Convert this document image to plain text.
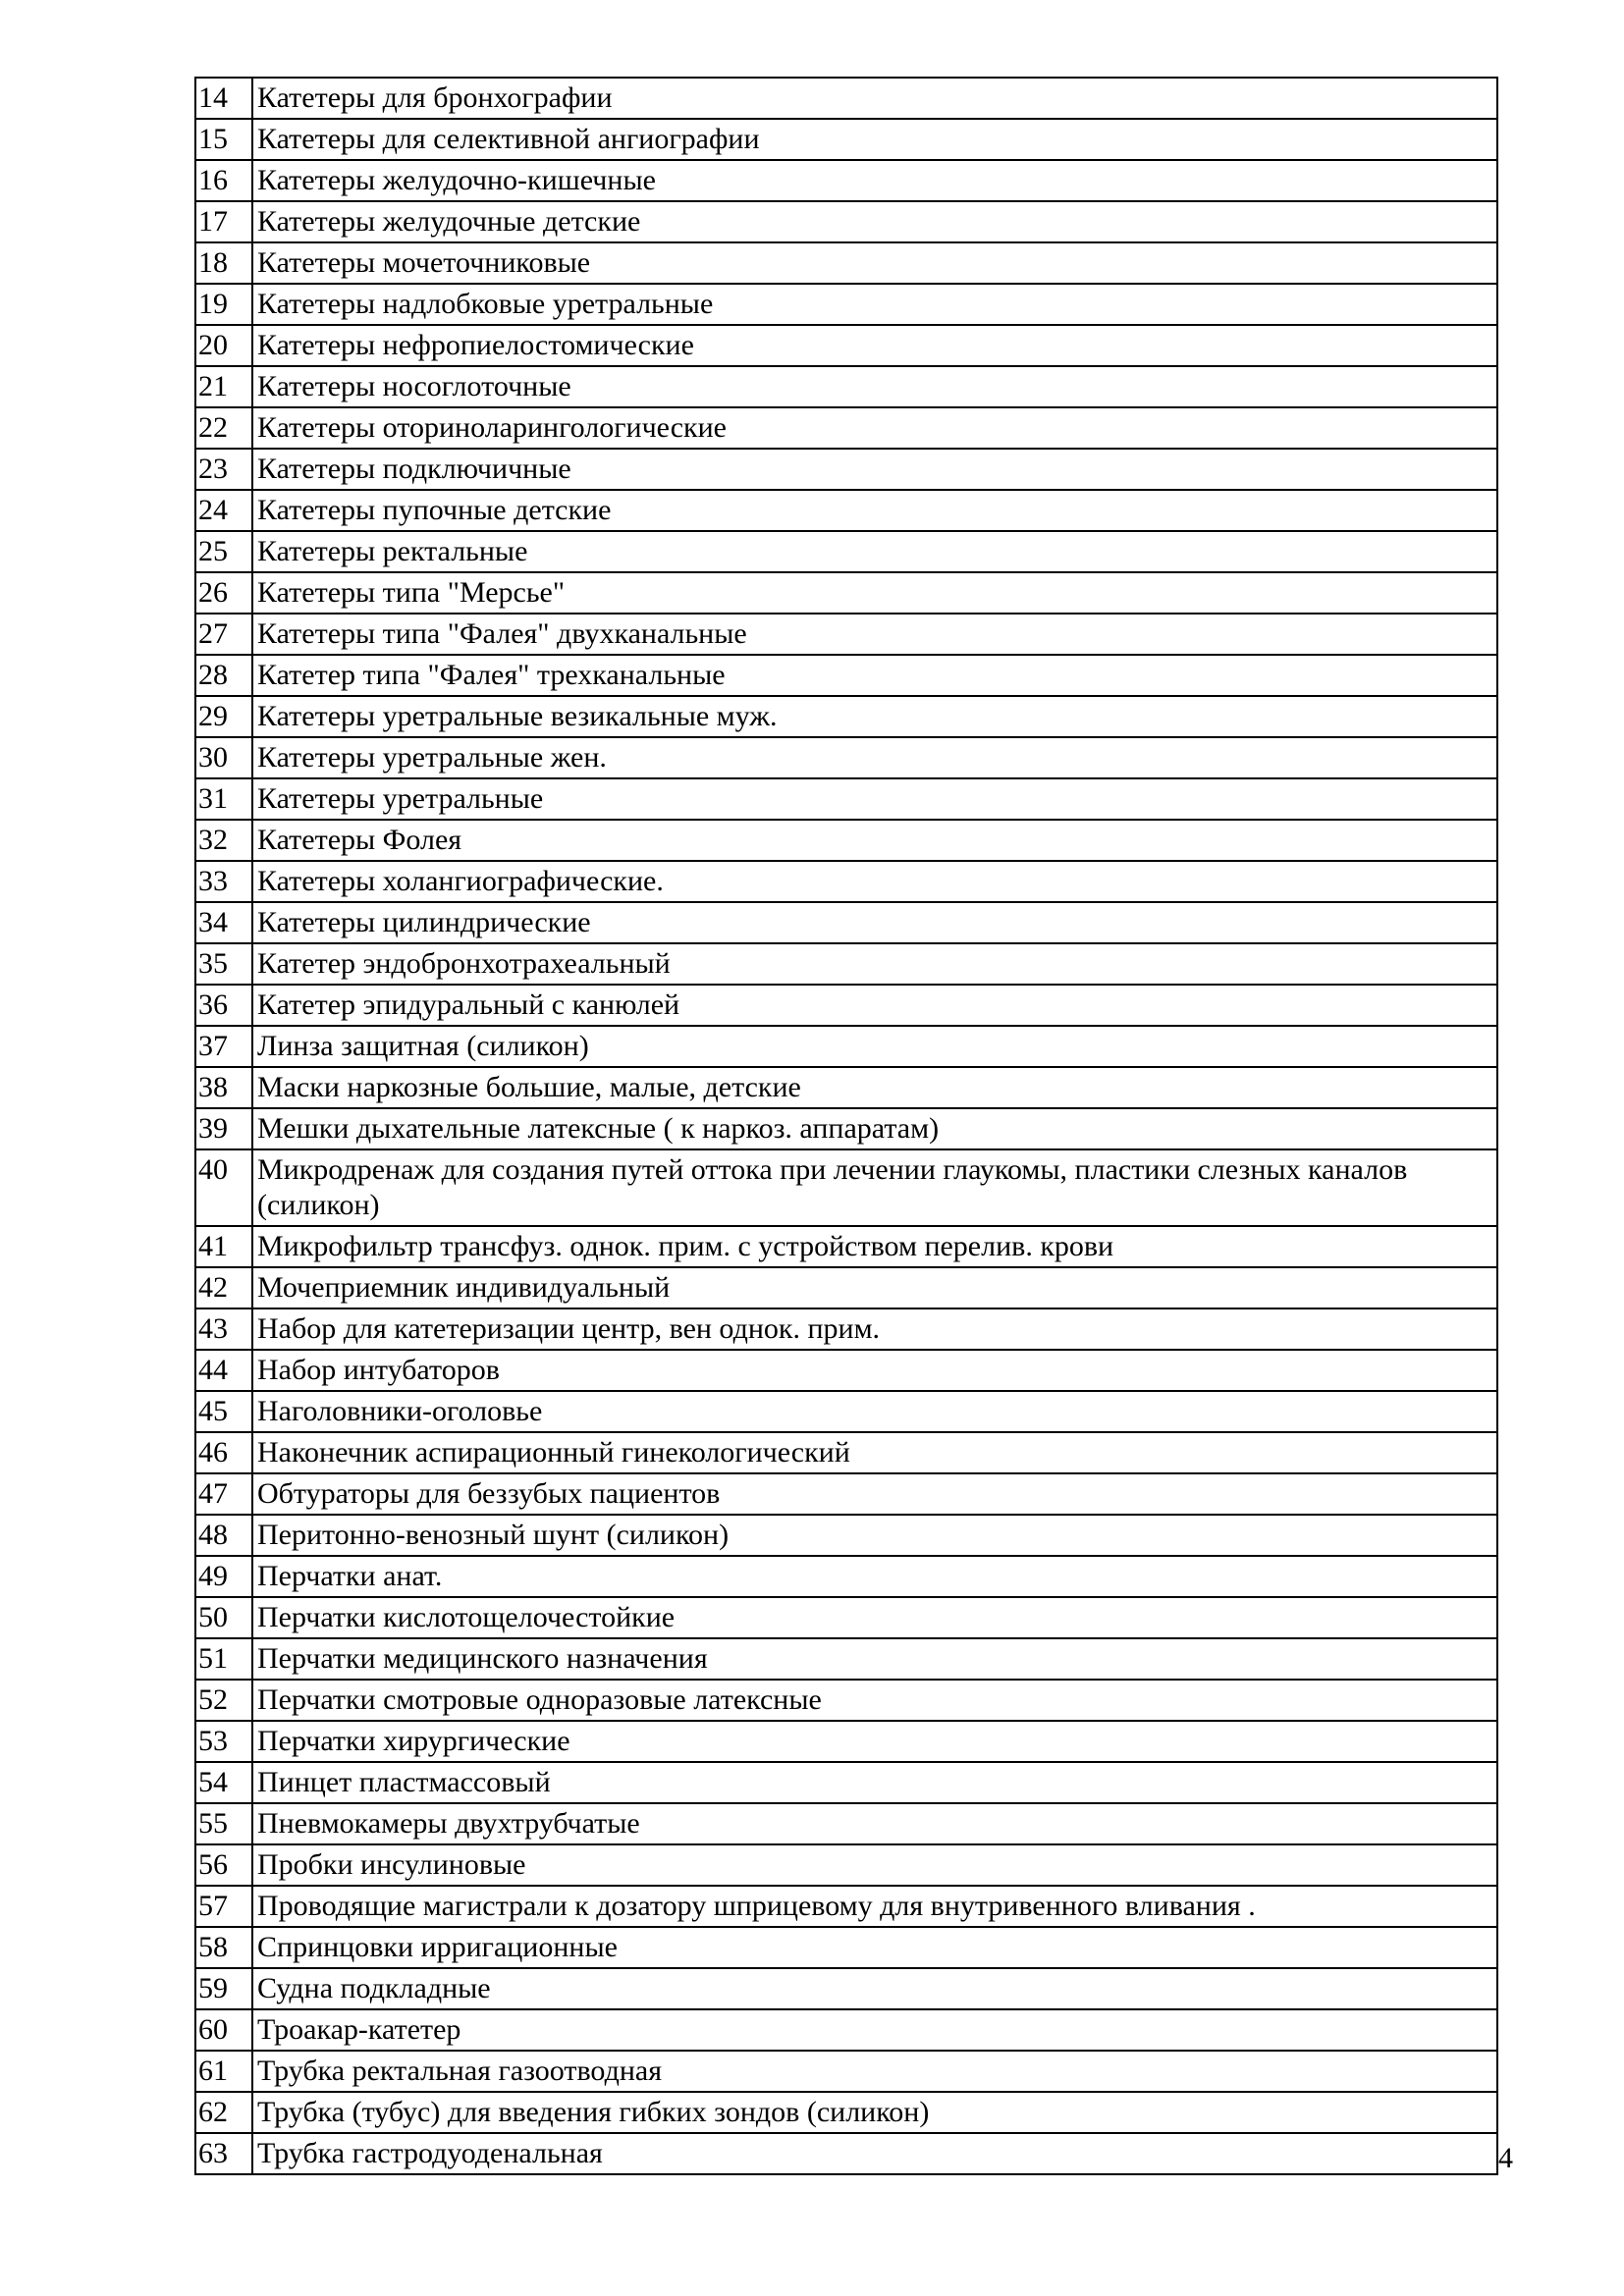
14	Катетеры для бронхографии
15	Катетеры для селективной ангиографии
16	Катетеры желудочно-кишечные
17	Катетеры желудочные детские
18	Катетеры мочеточниковые
19	Катетеры надлобковые уретральные
20	Катетеры нефропиелостомические
21	Катетеры носоглоточные
22	Катетеры оториноларингологические
23	Катетеры подключичные
24	Катетеры пупочные детские
25	Катетеры ректальные
26	Катетеры типа "Мерсье"
27	Катетеры типа "Фалея" двухканальные
28	Катетер типа "Фалея" трехканальные
29	Катетеры уретральные везикальные муж.
30	Катетеры уретральные жен.
31	Катетеры уретральные
32	Катетеры Фолея
33	Катетеры холангиографические.
34	Катетеры цилиндрические
35	Катетер эндобронхотрахеальный
36	Катетер эпидуральный с канюлей
37	Линза защитная (силикон)
38	Маски наркозные большие, малые, детские
39	Мешки дыхательные латексные ( к наркоз. аппаратам)
40	Микродренаж для создания путей оттока при лечении глаукомы, пластики слезных каналов (силикон)
41	Микрофильтр трансфуз. однок. прим. с устройством перелив. крови
42	Мочеприемник индивидуальный
43	Набор для катетеризации центр, вен однок. прим.
44	Набор интубаторов
45	Наголовники-оголовье
46	Наконечник аспирационный гинекологический
47	Обтураторы для беззубых пациентов
48	Перитонно-венозный шунт (силикон)
49	Перчатки анат.
50	Перчатки кислотощелочестойкие
51	Перчатки медицинского назначения
52	Перчатки смотровые одноразовые латексные
53	Перчатки хирургические
54	Пинцет пластмассовый
55	Пневмокамеры двухтрубчатые
56	Пробки инсулиновые
57	Проводящие магистрали к дозатору шприцевому для внутривенного вливания .
58	Спринцовки ирригационные
59	Судна подкладные
60	Троакар-катетер
61	Трубка ректальная газоотводная
62	Трубка (тубус) для введения гибких зондов (силикон)
63	Трубка гастродуоденальная	4
